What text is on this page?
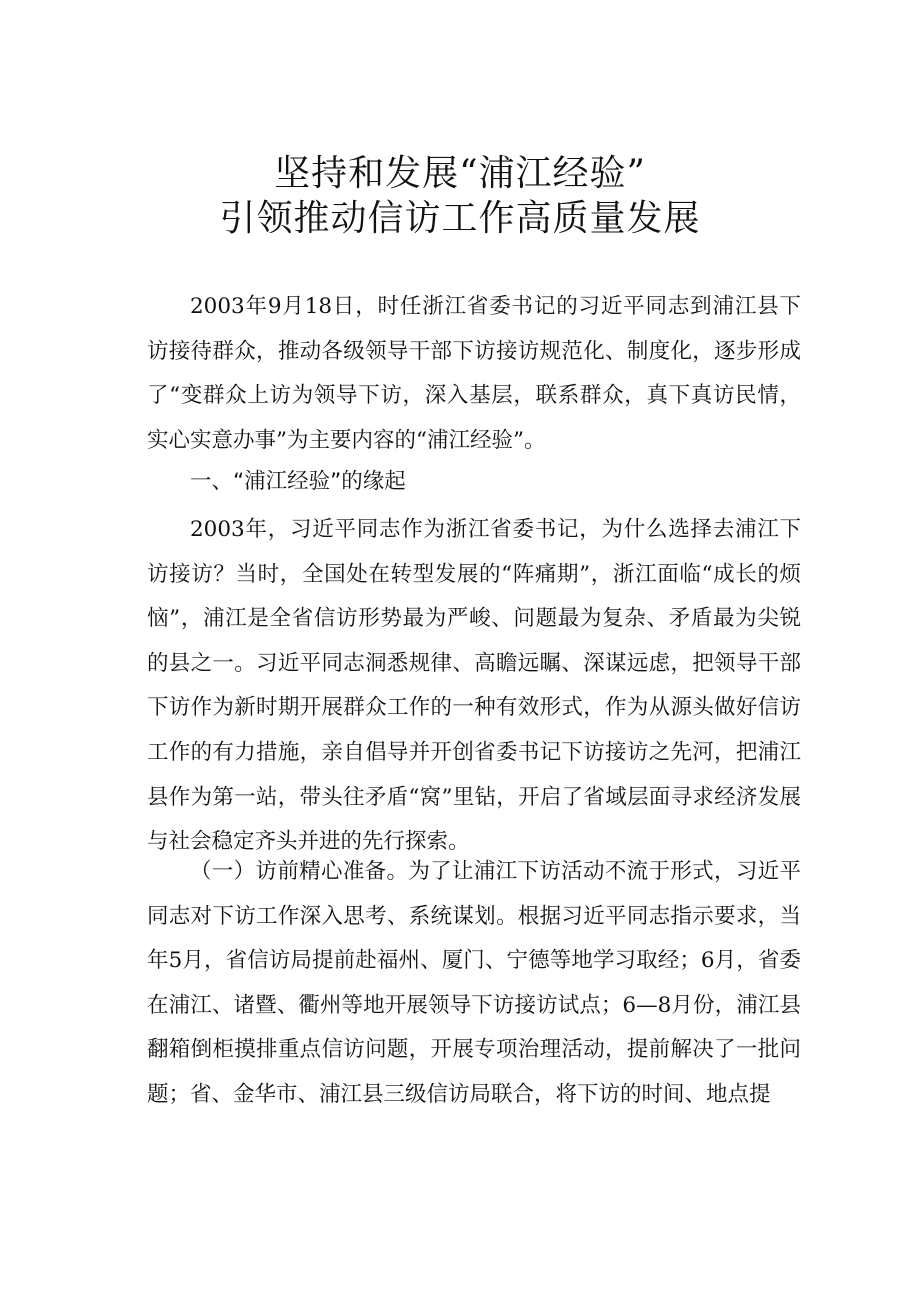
坚持和发展“浦江经验”
引领推动信访工作高质量发展

2003年9月18日，时任浙江省委书记的习近平同志到浦江县下访接待群众，推动各级领导干部下访接访规范化、制度化，逐步形成了“变群众上访为领导下访，深入基层，联系群众，真下真访民情，实心实意办事”为主要内容的“浦江经验”。

一、“浦江经验”的缘起

2003年，习近平同志作为浙江省委书记，为什么选择去浦江下访接访？当时，全国处在转型发展的“阵痛期”，浙江面临“成长的烦恼”，浦江是全省信访形势最为严峻、问题最为复杂、矛盾最为尖锐的县之一。习近平同志洞悉规律、高瞻远瞩、深谋远虑，把领导干部下访作为新时期开展群众工作的一种有效形式，作为从源头做好信访工作的有力措施，亲自倡导并开创省委书记下访接访之先河，把浦江县作为第一站，带头往矛盾“窝”里钻，开启了省域层面寻求经济发展与社会稳定齐头并进的先行探索。

（一）访前精心准备。为了让浦江下访活动不流于形式，习近平同志对下访工作深入思考、系统谋划。根据习近平同志指示要求，当年5月，省信访局提前赴福州、厦门、宁德等地学习取经；6月，省委在浦江、诸暨、衢州等地开展领导下访接访试点；6—8月份，浦江县翻箱倒柜摸排重点信访问题，开展专项治理活动，提前解决了一批问题；省、金华市、浦江县三级信访局联合，将下访的时间、地点提
